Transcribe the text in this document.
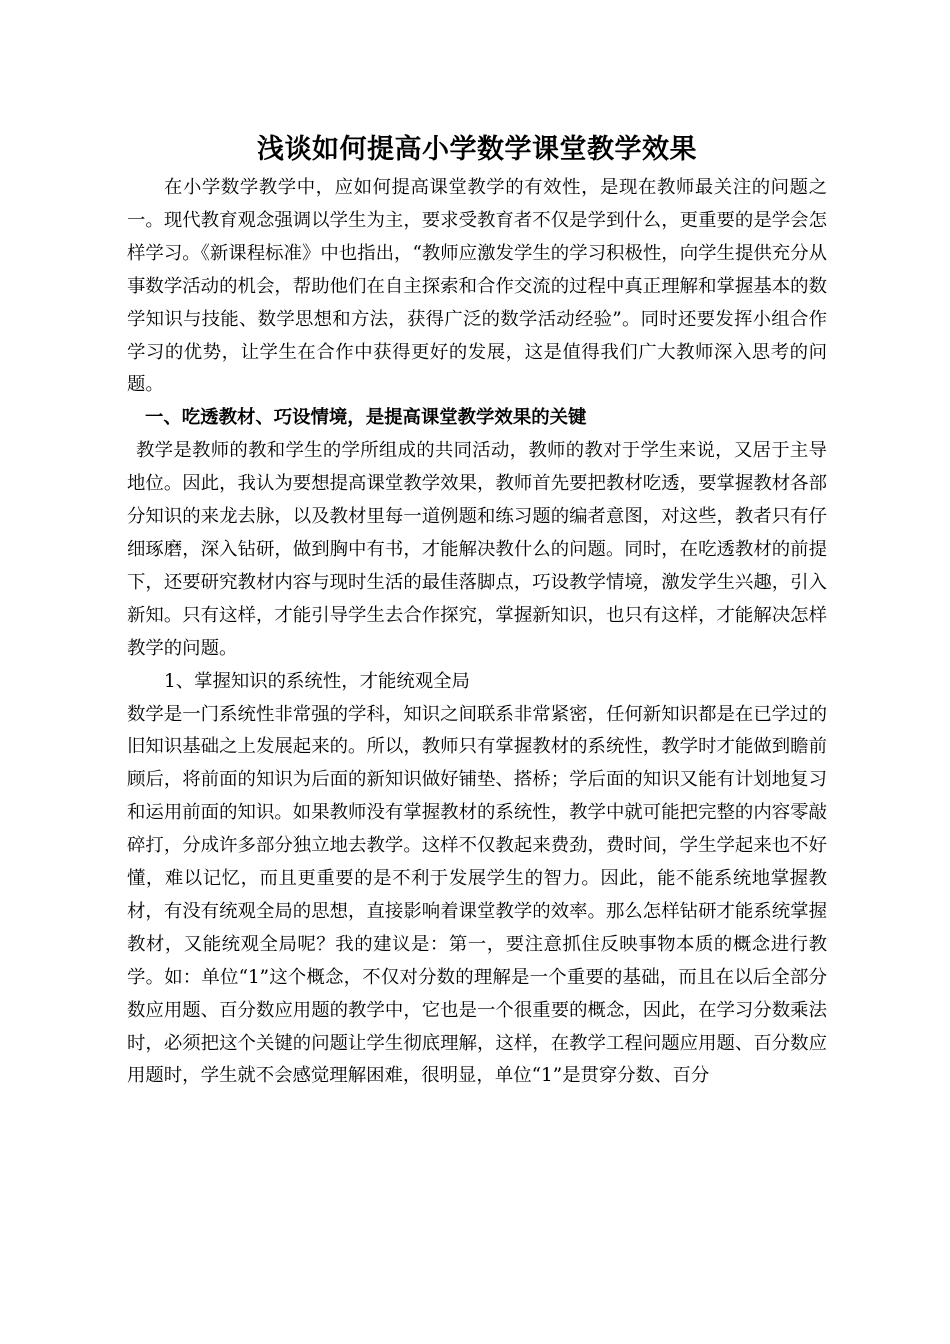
浅谈如何提高小学数学课堂教学效果

在小学数学教学中，应如何提高课堂教学的有效性，是现在教师最关注的问题之一。现代教育观念强调以学生为主，要求受教育者不仅是学到什么，更重要的是学会怎样学习。《新课程标准》中也指出，“教师应激发学生的学习积极性，向学生提供充分从事数学活动的机会，帮助他们在自主探索和合作交流的过程中真正理解和掌握基本的数学知识与技能、数学思想和方法，获得广泛的数学活动经验”。同时还要发挥小组合作学习的优势，让学生在合作中获得更好的发展，这是值得我们广大教师深入思考的问题。

一、吃透教材、巧设情境，是提高课堂教学效果的关键

教学是教师的教和学生的学所组成的共同活动，教师的教对于学生来说，又居于主导地位。因此，我认为要想提高课堂教学效果，教师首先要把教材吃透，要掌握教材各部分知识的来龙去脉，以及教材里每一道例题和练习题的编者意图，对这些，教者只有仔细琢磨，深入钻研，做到胸中有书，才能解决教什么的问题。同时，在吃透教材的前提下，还要研究教材内容与现时生活的最佳落脚点，巧设教学情境，激发学生兴趣，引入新知。只有这样，才能引导学生去合作探究，掌握新知识，也只有这样，才能解决怎样教学的问题。

1、掌握知识的系统性，才能统观全局

数学是一门系统性非常强的学科，知识之间联系非常紧密，任何新知识都是在已学过的旧知识基础之上发展起来的。所以，教师只有掌握教材的系统性，教学时才能做到瞻前顾后，将前面的知识为后面的新知识做好铺垫、搭桥；学后面的知识又能有计划地复习和运用前面的知识。如果教师没有掌握教材的系统性，教学中就可能把完整的内容零敲碎打，分成许多部分独立地去教学。这样不仅教起来费劲，费时间，学生学起来也不好懂，难以记忆，而且更重要的是不利于发展学生的智力。因此，能不能系统地掌握教材，有没有统观全局的思想，直接影响着课堂教学的效率。那么怎样钻研才能系统掌握教材，又能统观全局呢？我的建议是：第一，要注意抓住反映事物本质的概念进行教学。如：单位“1”这个概念，不仅对分数的理解是一个重要的基础，而且在以后全部分数应用题、百分数应用题的教学中，它也是一个很重要的概念，因此，在学习分数乘法时，必须把这个关键的问题让学生彻底理解，这样，在教学工程问题应用题、百分数应用题时，学生就不会感觉理解困难，很明显，单位“1”是贯穿分数、百分
